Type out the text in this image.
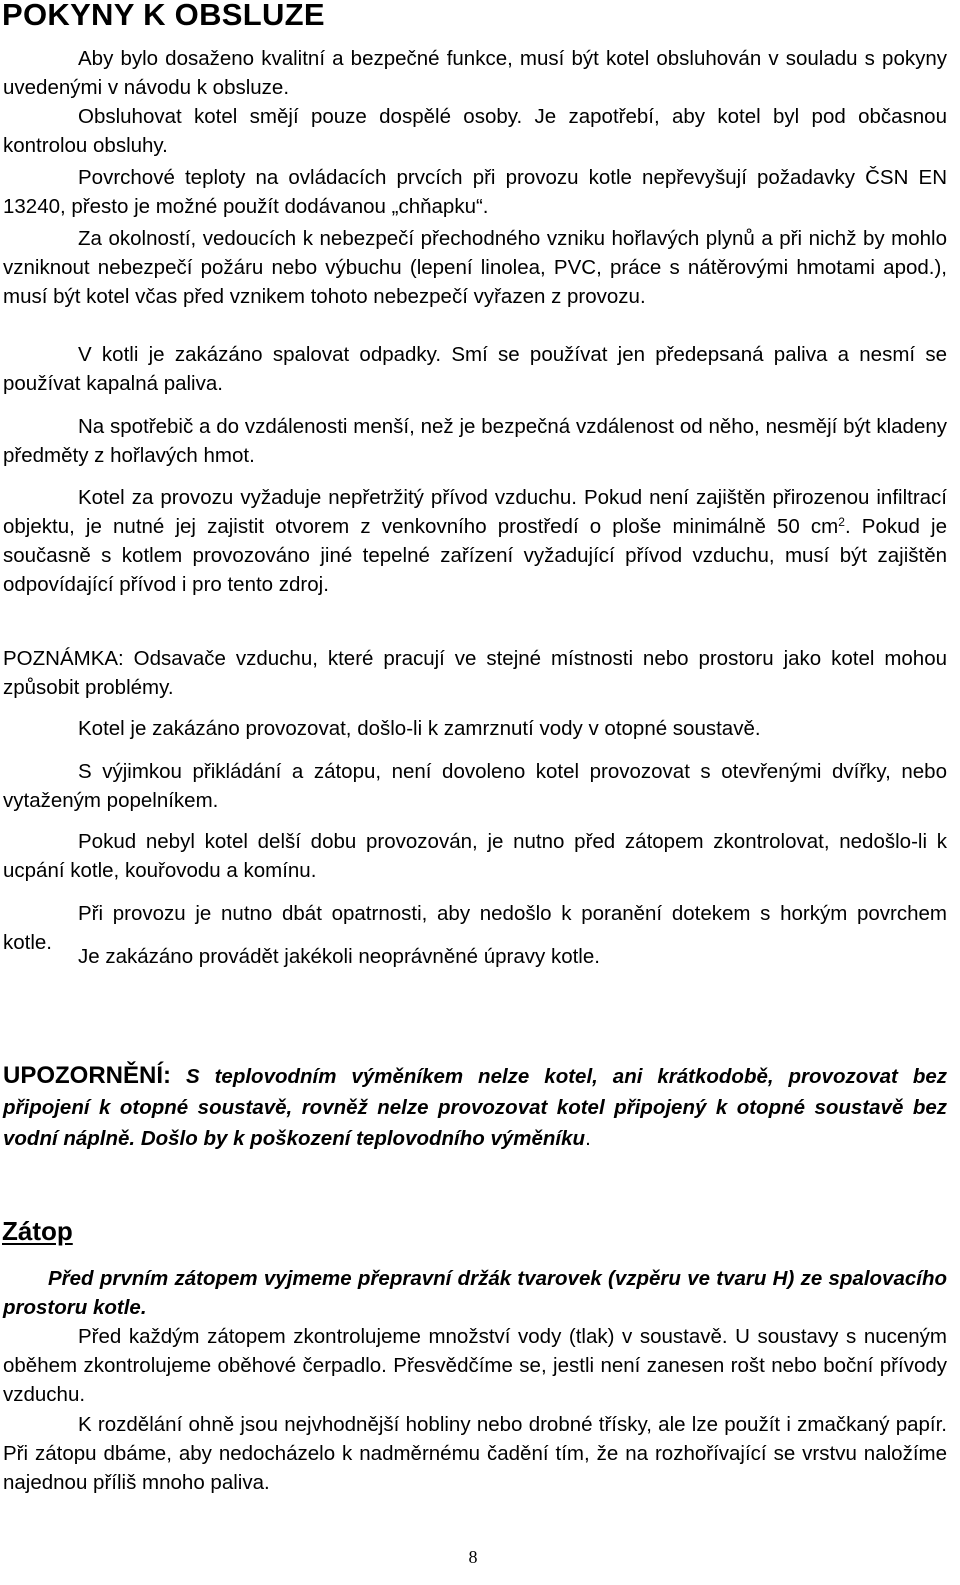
POKYNY K OBSLUZE

Aby bylo dosaženo kvalitní a bezpečné funkce, musí být kotel obsluhován v souladu s pokyny uvedenými v návodu k obsluze.

Obsluhovat kotel smějí pouze dospělé osoby. Je zapotřebí, aby kotel byl pod občasnou kontrolou obsluhy.

Povrchové teploty na ovládacích prvcích při provozu kotle nepřevyšují požadavky ČSN EN 13240, přesto je možné použít dodávanou „chňapku“.

Za okolností, vedoucích k nebezpečí přechodného vzniku hořlavých plynů a při nichž by mohlo vzniknout nebezpečí požáru nebo výbuchu (lepení linolea, PVC, práce s nátěrovými hmotami apod.), musí být kotel včas před vznikem tohoto nebezpečí vyřazen z provozu.

V kotli je zakázáno spalovat odpadky. Smí se používat jen předepsaná paliva a nesmí se používat kapalná paliva.

Na spotřebič a do vzdálenosti menší, než je bezpečná vzdálenost od něho, nesmějí být kladeny předměty z hořlavých hmot.

Kotel za provozu vyžaduje nepřetržitý přívod vzduchu. Pokud není zajištěn přirozenou infiltrací objektu, je nutné jej zajistit otvorem z venkovního prostředí o ploše minimálně 50 $cm^2$. Pokud je současně s kotlem provozováno jiné tepelné zařízení vyžadující přívod vzduchu, musí být zajištěn odpovídající přívod i pro tento zdroj.

POZNÁMKA: Odsavače vzduchu, které pracují ve stejné místnosti nebo prostoru jako kotel mohou způsobit problémy.

Kotel je zakázáno provozovat, došlo-li k zamrznutí vody v otopné soustavě.

S výjimkou přikládání a zátopu, není dovoleno kotel provozovat s otevřenými dvířky, nebo vytaženým popelníkem.

Pokud nebyl kotel delší dobu provozován, je nutno před zátopem zkontrolovat, nedošlo-li k ucpání kotle, kouřovodu a komínu.

Při provozu je nutno dbát opatrnosti, aby nedošlo k poranění dotekem s horkým povrchem kotle.

Je zakázáno provádět jakékoli neoprávněné úpravy kotle.

UPOZORNĚNÍ: S teplovodním výměníkem nelze kotel, ani krátkodobě, provozovat bez připojení k otopné soustavě, rovněž nelze provozovat kotel připojený k otopné soustavě bez vodní náplně. Došlo by k poškození teplovodního výměníku.

Zátop

Před prvním zátopem vyjmeme přepravní držák tvarovek (vzpěru ve tvaru H) ze spalovacího prostoru kotle.

Před každým zátopem zkontrolujeme množství vody (tlak) v soustavě. U soustavy s nuceným oběhem zkontrolujeme oběhové čerpadlo. Přesvědčíme se, jestli není zanesen rošt nebo boční přívody vzduchu.

K rozdělání ohně jsou nejvhodnější hobliny nebo drobné třísky, ale lze použít i zmačkaný papír. Při zátopu dbáme, aby nedocházelo k nadměrnému čadění tím, že na rozhořívající se vrstvu naložíme najednou příliš mnoho paliva.

8
